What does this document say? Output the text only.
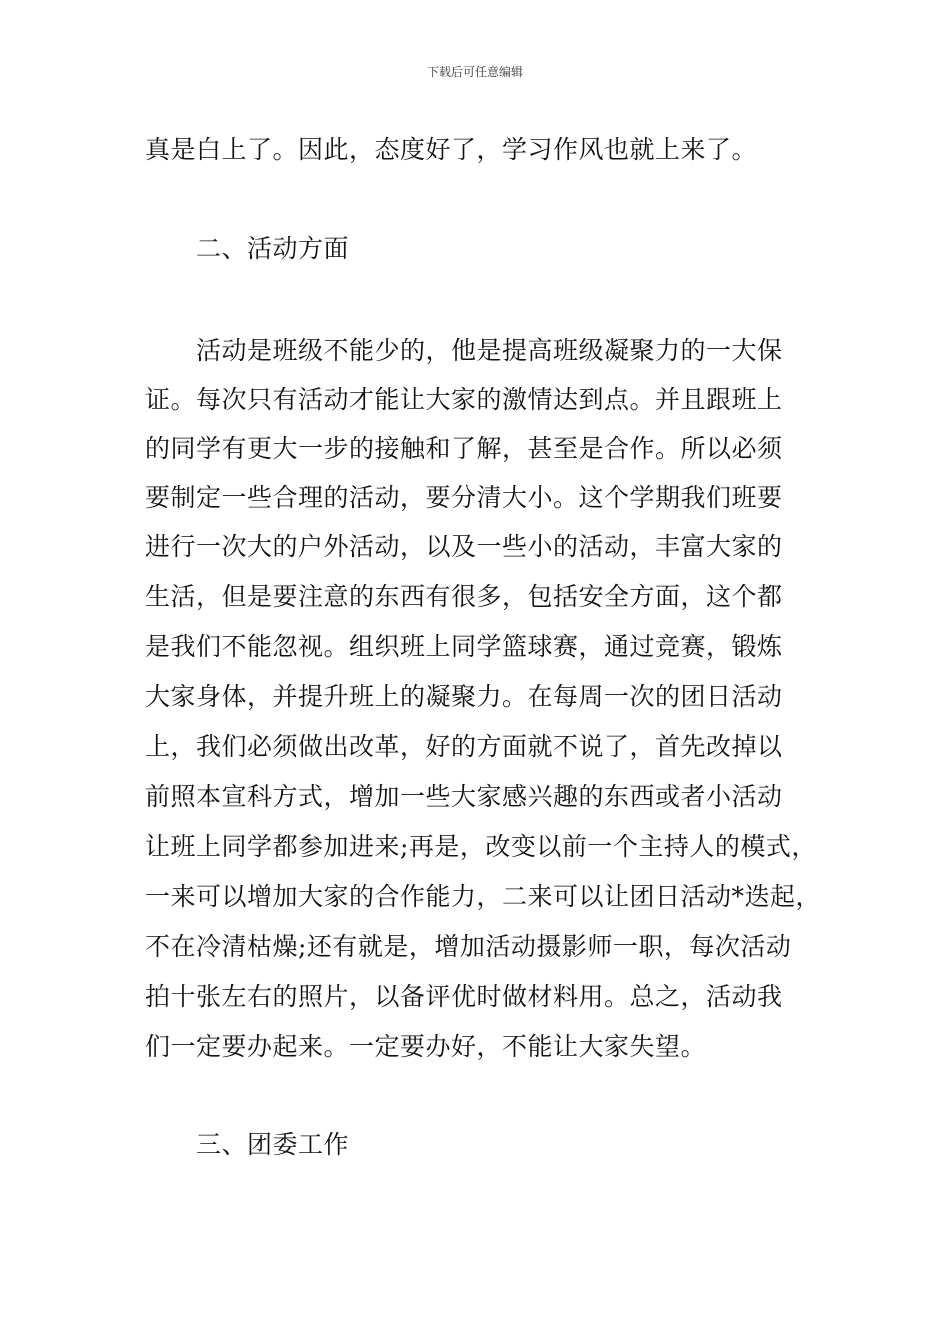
下载后可任意编辑
真是白上了。因此，态度好了，学习作风也就上来了。
二、活动方面
活动是班级不能少的，他是提高班级凝聚力的一大保
证。每次只有活动才能让大家的激情达到点。并且跟班上
的同学有更大一步的接触和了解，甚至是合作。所以必须
要制定一些合理的活动，要分清大小。这个学期我们班要
进行一次大的户外活动，以及一些小的活动，丰富大家的
生活，但是要注意的东西有很多，包括安全方面，这个都
是我们不能忽视。组织班上同学篮球赛，通过竞赛，锻炼
大家身体，并提升班上的凝聚力。在每周一次的团日活动
上，我们必须做出改革，好的方面就不说了，首先改掉以
前照本宣科方式，增加一些大家感兴趣的东西或者小活动
让班上同学都参加进来;再是，改变以前一个主持人的模式，
一来可以增加大家的合作能力，二来可以让团日活动*迭起，
不在冷清枯燥;还有就是，增加活动摄影师一职，每次活动
拍十张左右的照片，以备评优时做材料用。总之，活动我
们一定要办起来。一定要办好，不能让大家失望。
三、团委工作
